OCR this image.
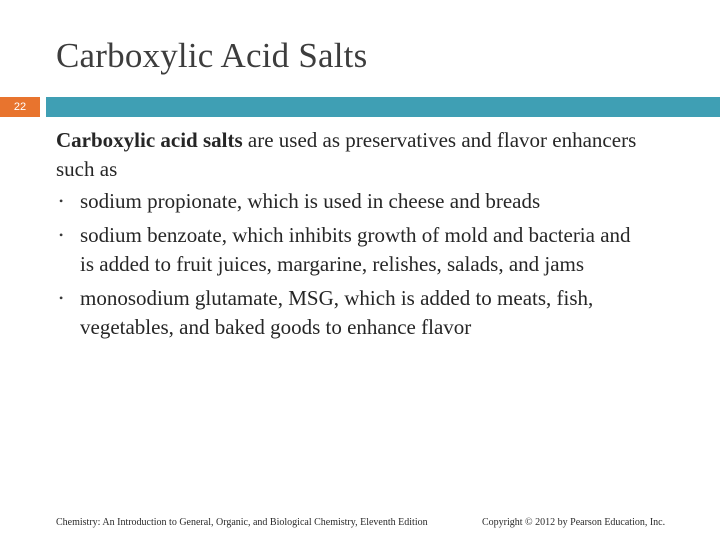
Carboxylic Acid Salts
22

Carboxylic acid salts are used as preservatives and flavor enhancers such as

• sodium propionate, which is used in cheese and breads
• sodium benzoate, which inhibits growth of mold and bacteria and is added to fruit juices, margarine, relishes, salads, and jams
• monosodium glutamate, MSG, which is added to meats, fish, vegetables, and baked goods to enhance flavor
Chemistry: An Introduction to General, Organic, and Biological Chemistry, Eleventh Edition	Copyright © 2012 by Pearson Education, Inc.
